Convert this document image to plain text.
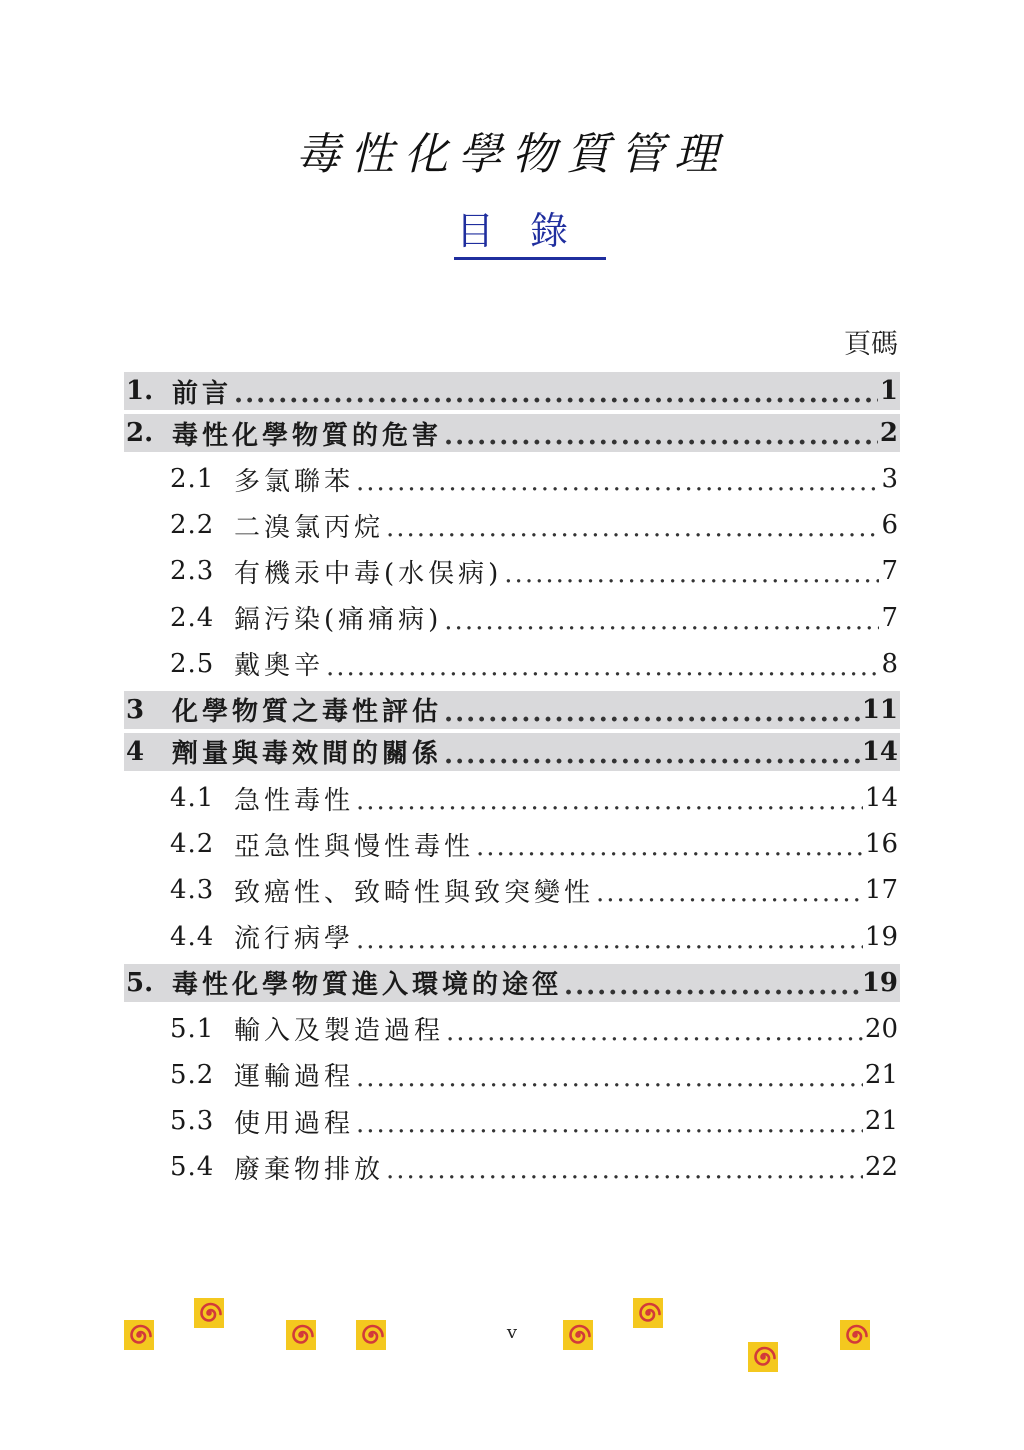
毒性化學物質管理
目錄
頁碼
1. 前言 .....	1
2. 毒性化學物質的危害 .....	2
2.1 多氯聯苯 .....	3
2.2 二溴氯丙烷 .....	6
2.3 有機汞中毒(水俣病) .....	7
2.4 鎘污染(痛痛病) .....	7
2.5 戴奧辛 .....	8
3	化學物質之毒性評估 .....	11
4	劑量與毒效間的關係 .....	14
4.1 急性毒性 .....	14
4.2 亞急性與慢性毒性 .....	16
4.3 致癌性、致畸性與致突變性 .....	17
4.4 流行病學 .....	19
5. 毒性化學物質進入環境的途徑 .....	19
5.1 輸入及製造過程 .....	20
5.2 運輸過程 .....	21
5.3 使用過程 .....	21
5.4 廢棄物排放 .....	22
v
